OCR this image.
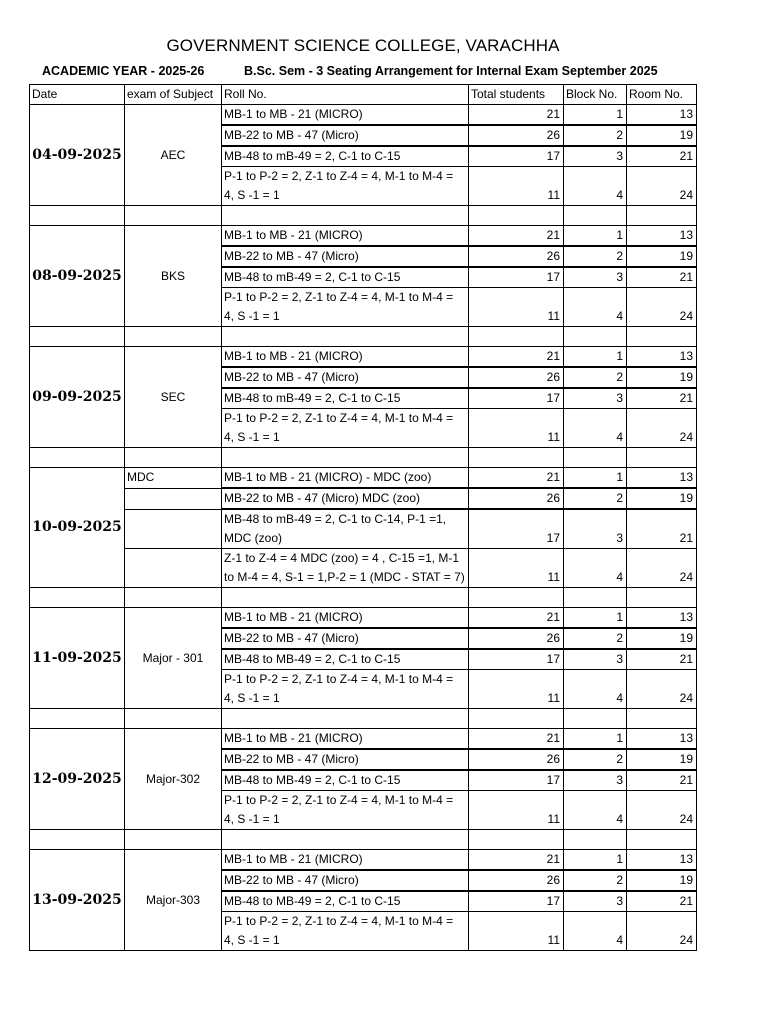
GOVERNMENT SCIENCE COLLEGE, VARACHHA
ACADEMIC YEAR - 2025-26	B.Sc. Sem - 3 Seating Arrangement for Internal Exam September 2025
Date	exam of Subject	Roll No.	Total students	Block No.	Room No.
04-09-2025	AEC	MB-1 to MB - 21 (MICRO)	21	1	13
		MB-22 to MB - 47 (Micro)	26	2	19
		MB-48 to mB-49 = 2, C-1 to C-15	17	3	21
		P-1 to P-2 = 2, Z-1 to Z-4 = 4, M-1 to M-4 = 4, S -1 = 1	11	4	24

08-09-2025	BKS	MB-1 to MB - 21 (MICRO)	21	1	13
		MB-22 to MB - 47 (Micro)	26	2	19
		MB-48 to mB-49 = 2, C-1 to C-15	17	3	21
		P-1 to P-2 = 2, Z-1 to Z-4 = 4, M-1 to M-4 = 4, S -1 = 1	11	4	24

09-09-2025	SEC	MB-1 to MB - 21 (MICRO)	21	1	13
		MB-22 to MB - 47 (Micro)	26	2	19
		MB-48 to mB-49 = 2, C-1 to C-15	17	3	21
		P-1 to P-2 = 2, Z-1 to Z-4 = 4, M-1 to M-4 = 4, S -1 = 1	11	4	24

10-09-2025	MDC	MB-1 to MB - 21 (MICRO) - MDC (zoo)	21	1	13
		MB-22 to MB - 47 (Micro) MDC (zoo)	26	2	19
		MB-48 to mB-49 = 2, C-1 to C-14, P-1 =1, MDC (zoo)	17	3	21
		Z-1 to Z-4 = 4 MDC (zoo) = 4 , C-15 =1, M-1 to M-4 = 4, S-1 = 1,P-2 = 1 (MDC - STAT = 7)	11	4	24

11-09-2025	Major - 301	MB-1 to MB - 21 (MICRO)	21	1	13
		MB-22 to MB - 47 (Micro)	26	2	19
		MB-48 to MB-49 = 2, C-1 to C-15	17	3	21
		P-1 to P-2 = 2, Z-1 to Z-4 = 4, M-1 to M-4 = 4, S -1 = 1	11	4	24

12-09-2025	Major-302	MB-1 to MB - 21 (MICRO)	21	1	13
		MB-22 to MB - 47 (Micro)	26	2	19
		MB-48 to MB-49 = 2, C-1 to C-15	17	3	21
		P-1 to P-2 = 2, Z-1 to Z-4 = 4, M-1 to M-4 = 4, S -1 = 1	11	4	24

13-09-2025	Major-303	MB-1 to MB - 21 (MICRO)	21	1	13
		MB-22 to MB - 47 (Micro)	26	2	19
		MB-48 to MB-49 = 2, C-1 to C-15	17	3	21
		P-1 to P-2 = 2, Z-1 to Z-4 = 4, M-1 to M-4 = 4, S -1 = 1	11	4	24
